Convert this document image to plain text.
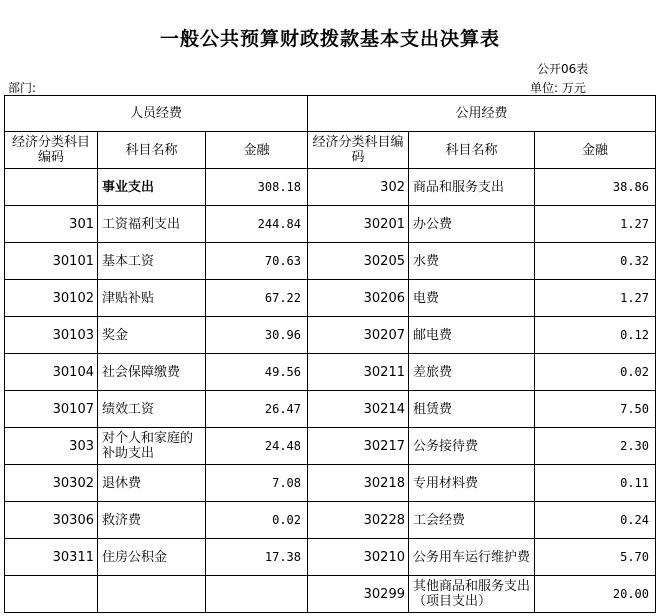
一般公共预算财政拨款基本支出决算表
公开06表
部门:	单位: 万元
人员经费			公用经费		
经济分类科目编码	科目名称	金融	经济分类科目编码	科目名称	金融
	事业支出	308.18	302	商品和服务支出	38.86
301	工资福利支出	244.84	30201	办公费	1.27
30101	基本工资	70.63	30205	水费	0.32
30102	津贴补贴	67.22	30206	电费	1.27
30103	奖金	30.96	30207	邮电费	0.12
30104	社会保障缴费	49.56	30211	差旅费	0.02
30107	绩效工资	26.47	30214	租赁费	7.50
303	对个人和家庭的补助支出	24.48	30217	公务接待费	2.30
30302	退休费	7.08	30218	专用材料费	0.11
30306	救济费	0.02	30228	工会经费	0.24
30311	住房公积金	17.38	30210	公务用车运行维护费	5.70
			30299	其他商品和服务支出（项目支出）	20.00
